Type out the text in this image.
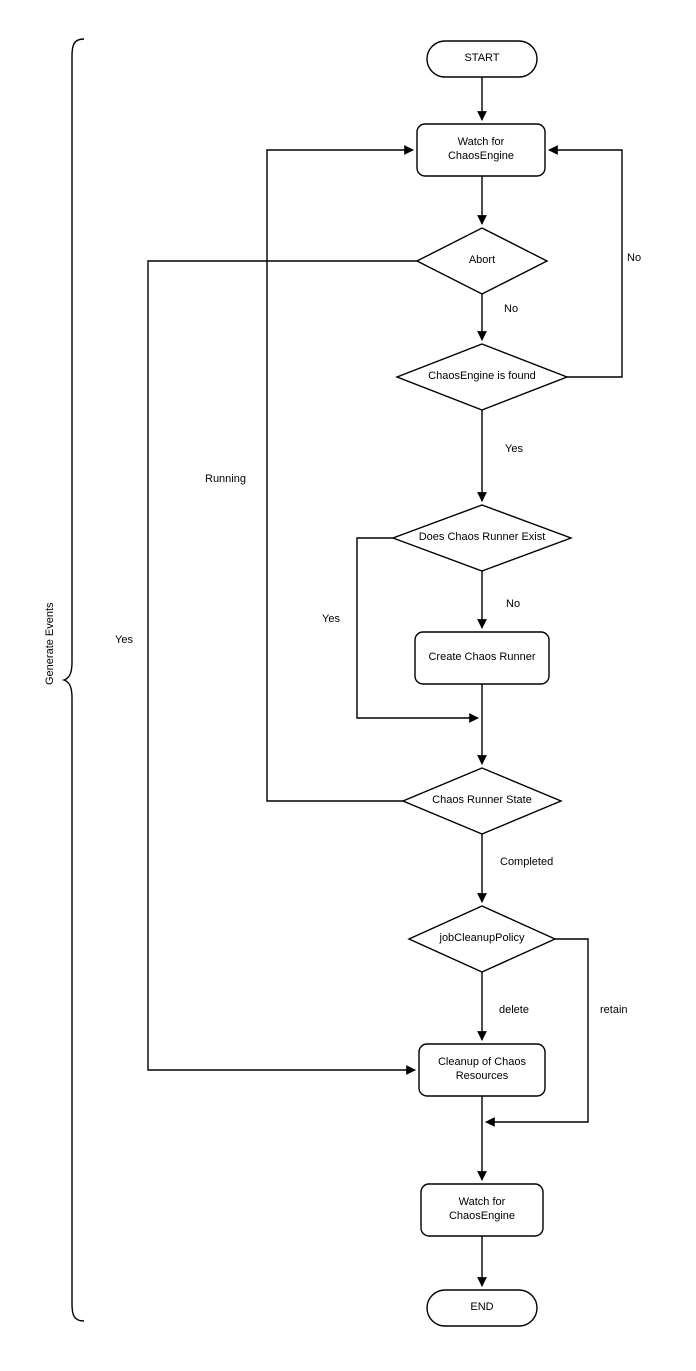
START
Watch for
ChaosEngine
Abort
ChaosEngine is found
Does Chaos Runner Exist
Create Chaos Runner
Chaos Runner State
jobCleanupPolicy
Cleanup of Chaos
Resources
Watch for
ChaosEngine
END
No
No
Yes
Yes
No
Running
Completed
delete	retain
Yes
Generate Events
